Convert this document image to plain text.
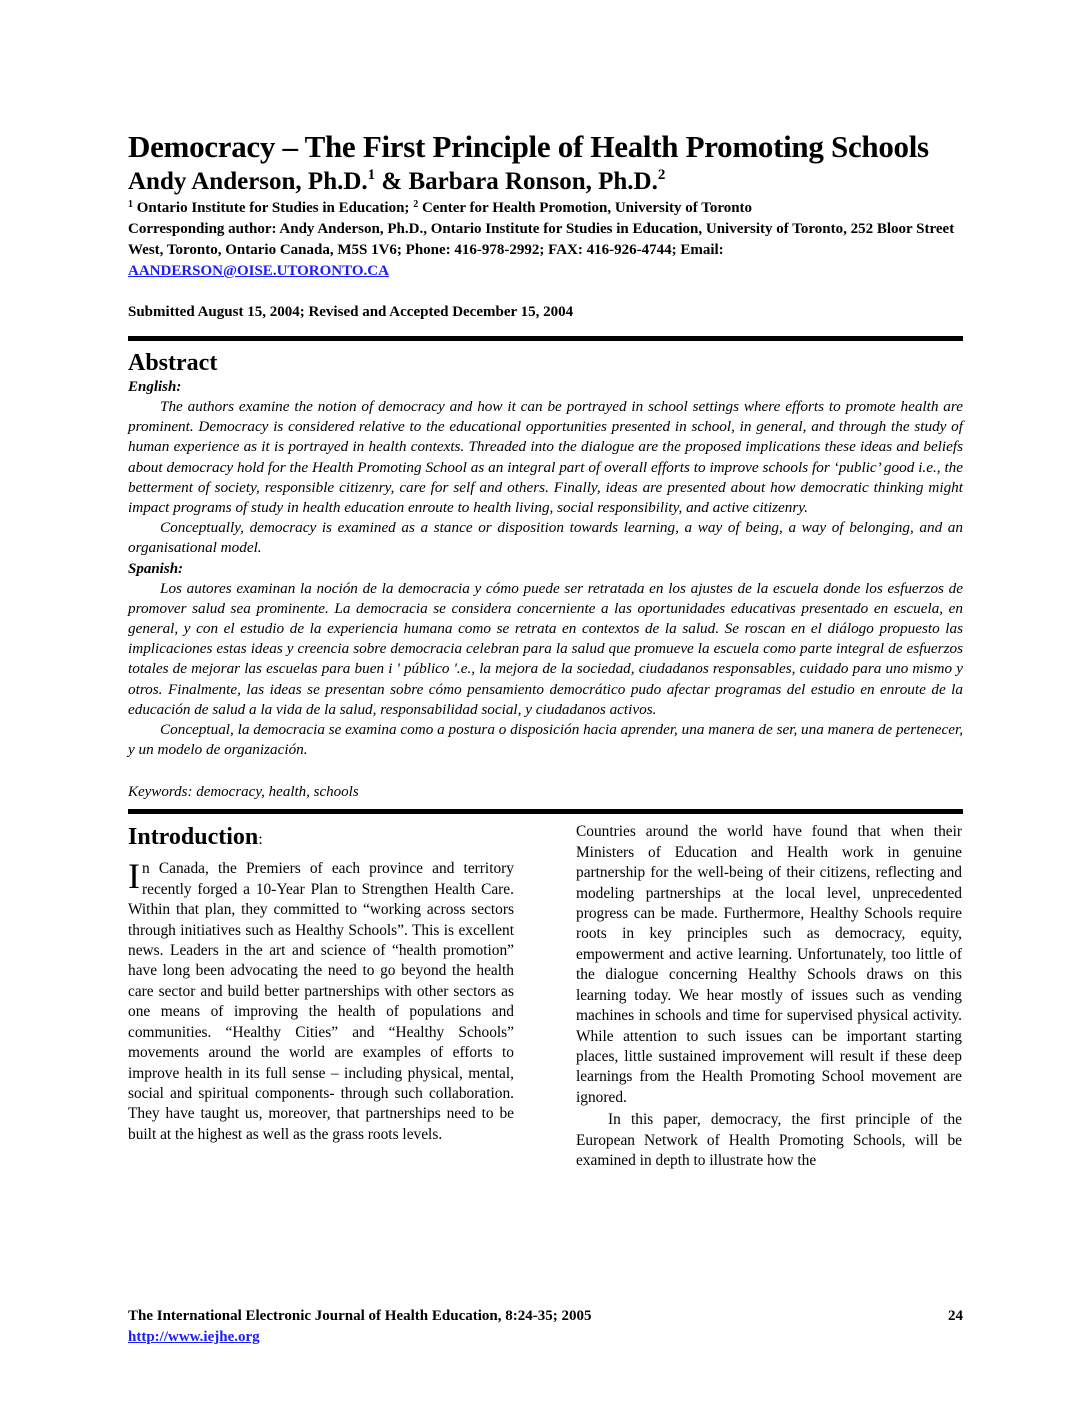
Democracy – The First Principle of Health Promoting Schools
Andy Anderson, Ph.D.$^1$ & Barbara Ronson, Ph.D.$^2$
$^1$ Ontario Institute for Studies in Education; $^2$ Center for Health Promotion, University of Toronto
Corresponding author: Andy Anderson, Ph.D., Ontario Institute for Studies in Education, University of Toronto, 252 Bloor Street West, Toronto, Ontario Canada, M5S 1V6; Phone: 416-978-2992; FAX: 416-926-4744; Email: AANDERSON@OISE.UTORONTO.CA
Submitted August 15, 2004; Revised and Accepted December 15, 2004
Abstract
English:

The authors examine the notion of democracy and how it can be portrayed in school settings where efforts to promote health are prominent. Democracy is considered relative to the educational opportunities presented in school, in general, and through the study of human experience as it is portrayed in health contexts. Threaded into the dialogue are the proposed implications these ideas and beliefs about democracy hold for the Health Promoting School as an integral part of overall efforts to improve schools for ‘public’ good i.e., the betterment of society, responsible citizenry, care for self and others. Finally, ideas are presented about how democratic thinking might impact programs of study in health education enroute to health living, social responsibility, and active citizenry.

Conceptually, democracy is examined as a stance or disposition towards learning, a way of being, a way of belonging, and an organisational model.

Spanish:

Los autores examinan la noción de la democracia y cómo puede ser retratada en los ajustes de la escuela donde los esfuerzos de promover salud sea prominente. La democracia se considera concerniente a las oportunidades educativas presentado en escuela, en general, y con el estudio de la experiencia humana como se retrata en contextos de la salud. Se roscan en el diálogo propuesto las implicaciones estas ideas y creencia sobre democracia celebran para la salud que promueve la escuela como parte integral de esfuerzos totales de mejorar las escuelas para buen i ' público '.e., la mejora de la sociedad, ciudadanos responsables, cuidado para uno mismo y otros. Finalmente, las ideas se presentan sobre cómo pensamiento democrático pudo afectar programas del estudio en enroute de la educación de salud a la vida de la salud, responsabilidad social, y ciudadanos activos.

Conceptual, la democracia se examina como a postura o disposición hacia aprender, una manera de ser, una manera de pertenecer, y un modelo de organización.

Keywords: democracy, health, schools
Introduction:

In Canada, the Premiers of each province and territory recently forged a 10-Year Plan to Strengthen Health Care. Within that plan, they committed to “working across sectors through initiatives such as Healthy Schools”. This is excellent news. Leaders in the art and science of “health promotion” have long been advocating the need to go beyond the health care sector and build better partnerships with other sectors as one means of improving the health of populations and communities. “Healthy Cities” and “Healthy Schools” movements around the world are examples of efforts to improve health in its full sense – including physical, mental, social and spiritual components- through such collaboration. They have taught us, moreover, that partnerships need to be built at the highest as well as the grass roots levels.

Countries around the world have found that when their Ministers of Education and Health work in genuine partnership for the well-being of their citizens, reflecting and modeling partnerships at the local level, unprecedented progress can be made. Furthermore, Healthy Schools require roots in key principles such as democracy, equity, empowerment and active learning. Unfortunately, too little of the dialogue concerning Healthy Schools draws on this learning today. We hear mostly of issues such as vending machines in schools and time for supervised physical activity. While attention to such issues can be important starting places, little sustained improvement will result if these deep learnings from the Health Promoting School movement are ignored.

In this paper, democracy, the first principle of the European Network of Health Promoting Schools, will be examined in depth to illustrate how the

The International Electronic Journal of Health Education, 8:24-35; 2005	24
http://www.iejhe.org
